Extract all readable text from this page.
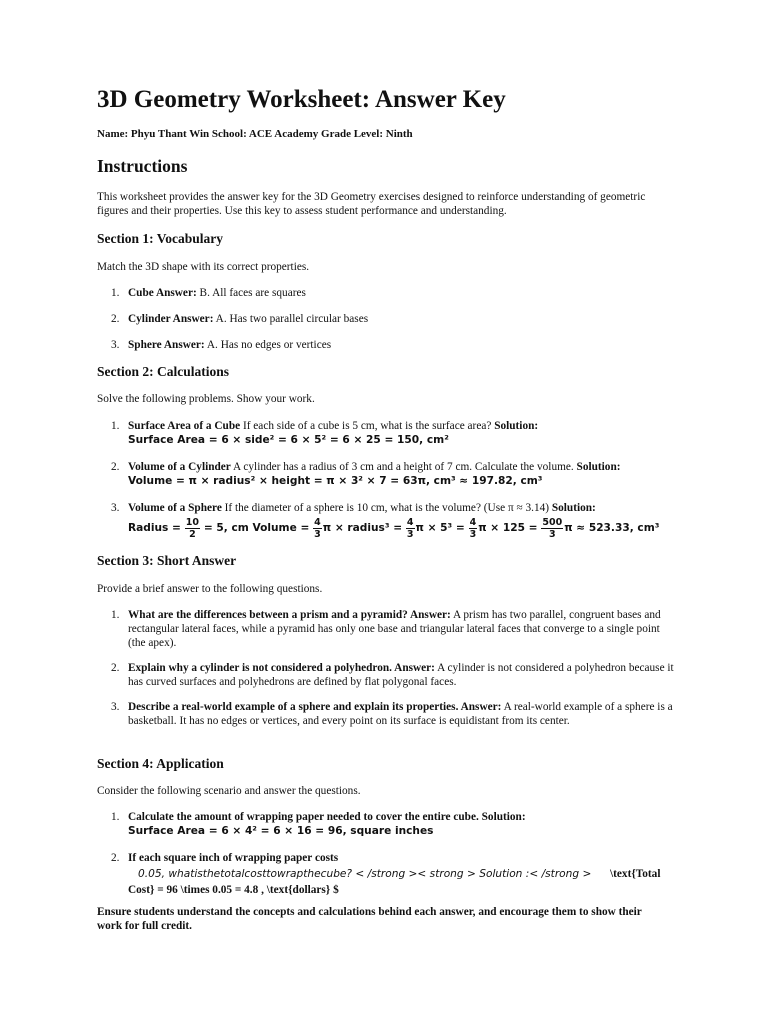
3D Geometry Worksheet: Answer Key
Name: Phyu Thant Win School: ACE Academy Grade Level: Ninth
Instructions

This worksheet provides the answer key for the 3D Geometry exercises designed to reinforce understanding of geometric figures and their properties. Use this key to assess student performance and understanding.

Section 1: Vocabulary

Match the 3D shape with its correct properties.

1. Cube Answer: B. All faces are squares
2. Cylinder Answer: A. Has two parallel circular bases
3. Sphere Answer: A. Has no edges or vertices
Section 2: Calculations

Solve the following problems. Show your work.

1. Surface Area of a Cube If each side of a cube is 5 cm, what is the surface area? Solution:
Surface Area = 6 × side² = 6 × 5² = 6 × 25 = 150, cm²
2. Volume of a Cylinder A cylinder has a radius of 3 cm and a height of 7 cm. Calculate the volume. Solution:
Volume = π × radius² × height = π × 3² × 7 = 63π, cm³ ≈ 197.82, cm³
3. Volume of a Sphere If the diameter of a sphere is 10 cm, what is the volume? (Use π ≈ 3.14) Solution:
Radius = $\frac{10}{2} = 5$, cm Volume = $\frac{4}{3}$ π × radius³ = $\frac{4}{3}$ $\pi \times 5^3 = \frac{4}{3}$ $\pi \times 125 = \frac{500}{3}$ π ≈ 523.33, cm³
Section 3: Short Answer

Provide a brief answer to the following questions.

1. What are the differences between a prism and a pyramid? Answer: A prism has two parallel, congruent bases and rectangular lateral faces, while a pyramid has only one base and triangular lateral faces that converge to a single point (the apex).
2. Explain why a cylinder is not considered a polyhedron. Answer: A cylinder is not considered a polyhedron because it has curved surfaces and polyhedrons are defined by flat polygonal faces.
3. Describe a real-world example of a sphere and explain its properties. Answer: A real-world example of a sphere is a basketball. It has no edges or vertices, and every point on its surface is equidistant from its center.
Section 4: Application

Consider the following scenario and answer the questions.

1. Calculate the amount of wrapping paper needed to cover the entire cube. Solution:
Surface Area = 6 × 4² = 6 × 16 = 96, square inches
2. If each square inch of wrapping paper costs
0.05, whatisthetotalcosttowrapthecube? < /strong >< strong > Solution :< /strong > \text{Total
Cost} = 96 \times 0.05 = 4.8 , \text{dollars} $

Ensure students understand the concepts and calculations behind each answer, and encourage them to show their work for full credit.
